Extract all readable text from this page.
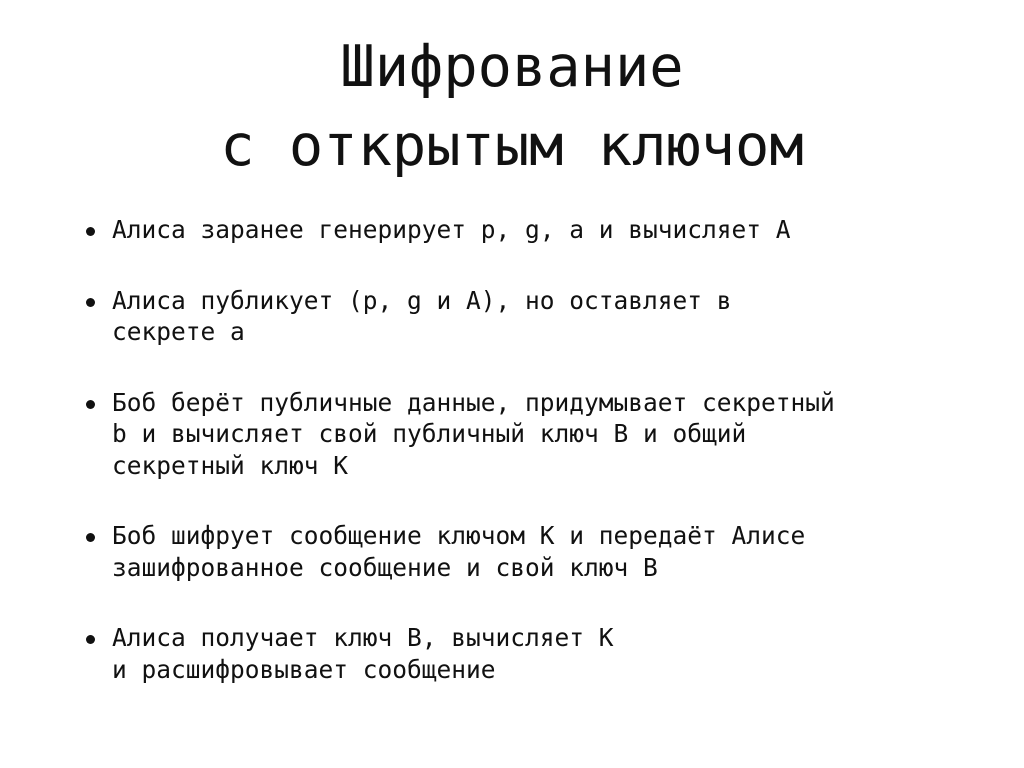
Шифрование
с открытым ключом
Алиса заранее генерирует p, g, a и вычисляет A
Алиса публикует (p, g и A), но оставляет в
секрете a
Боб берёт публичные данные, придумывает секретный
b и вычисляет свой публичный ключ B и общий
секретный ключ K
Боб шифрует сообщение ключом K и передаёт Алисе
зашифрованное сообщение и свой ключ B
Алиса получает ключ B, вычисляет K
и расшифровывает сообщение
